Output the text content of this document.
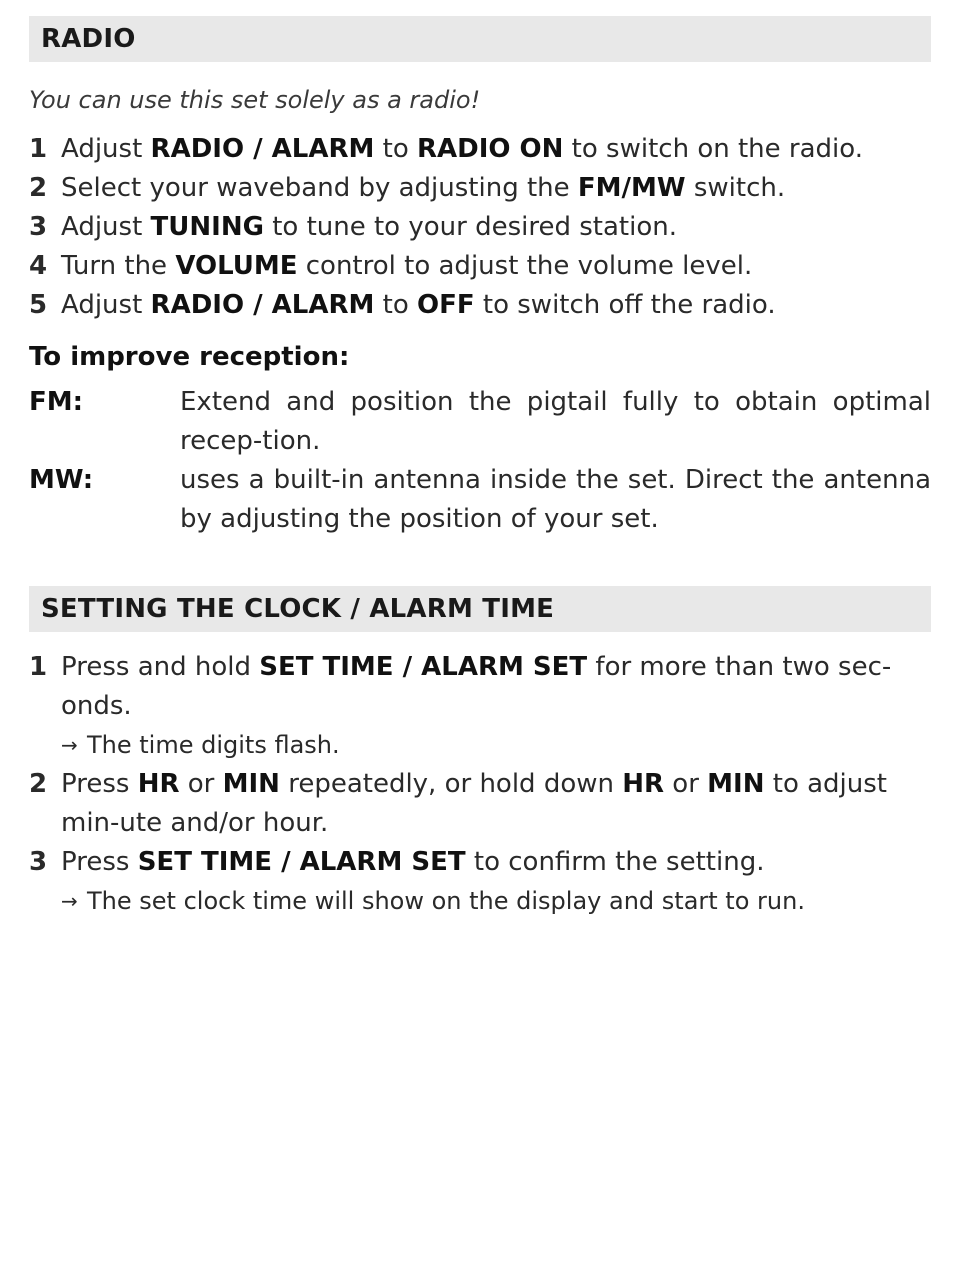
RADIO
You can use this set solely as a radio!
1 Adjust RADIO / ALARM to RADIO ON to switch on the radio.
2 Select your waveband by adjusting the FM/MW switch.
3 Adjust TUNING to tune to your desired station.
4 Turn the VOLUME control to adjust the volume level.
5 Adjust RADIO / ALARM to OFF to switch off the radio.
To improve reception:
FM:	Extend and position the pigtail fully to obtain optimal recep-tion.
MW:	uses a built-in antenna inside the set. Direct the antenna by adjusting the position of your set.
SETTING THE CLOCK / ALARM TIME
1 Press and hold SET TIME / ALARM SET for more than two sec-onds.
→ The time digits flash.
2 Press HR or MIN repeatedly, or hold down HR or MIN to adjust min-ute and/or hour.
3 Press SET TIME / ALARM SET to confirm the setting.
→ The set clock time will show on the display and start to run.
